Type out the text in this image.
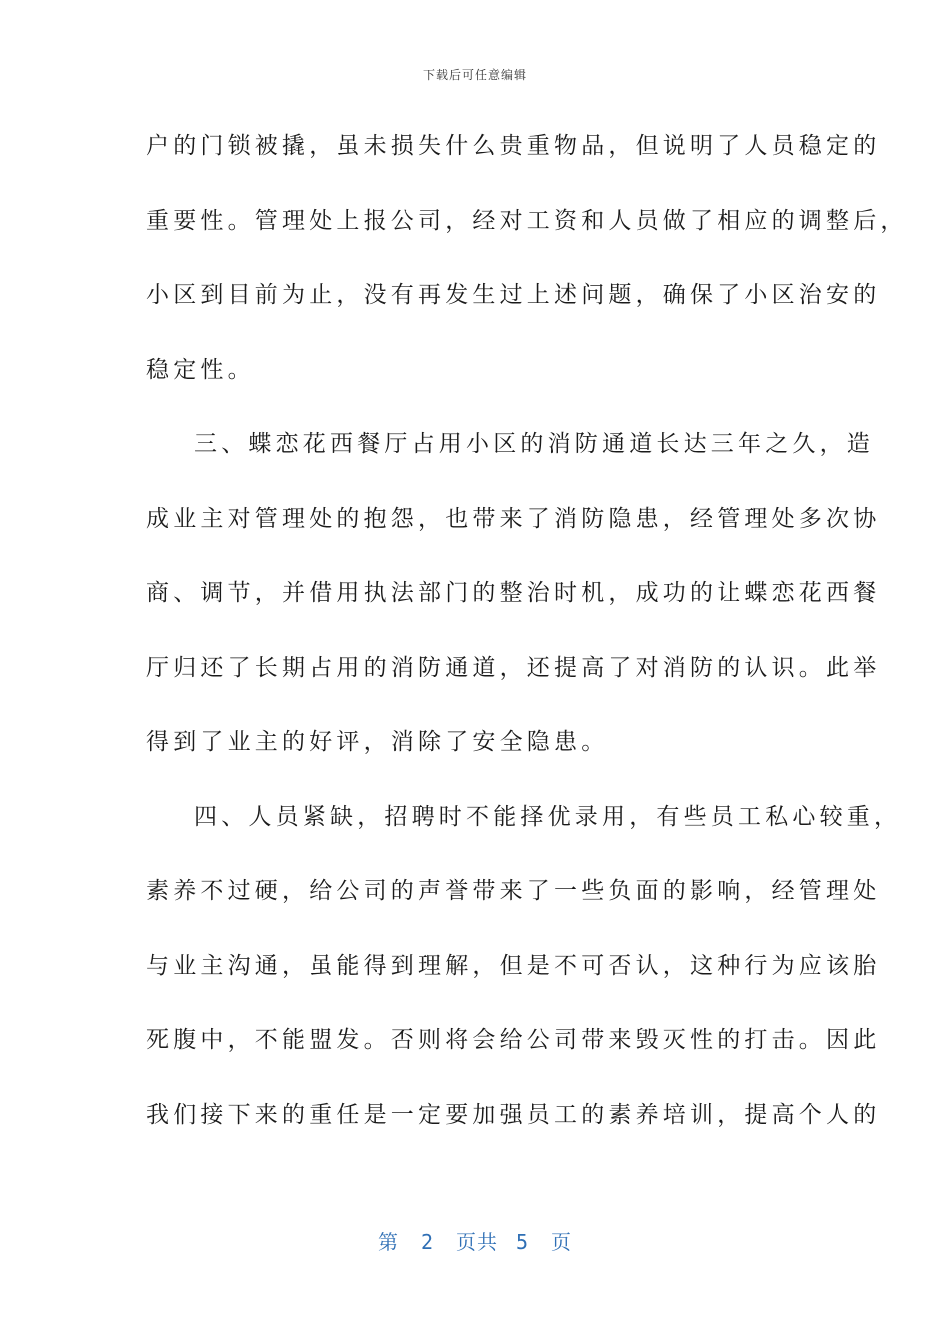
下载后可任意编辑
户的门锁被撬，虽未损失什么贵重物品，但说明了人员稳定的
重要性。管理处上报公司，经对工资和人员做了相应的调整后，
小区到目前为止，没有再发生过上述问题，确保了小区治安的
稳定性。
三、蝶恋花西餐厅占用小区的消防通道长达三年之久，造
成业主对管理处的抱怨，也带来了消防隐患，经管理处多次协
商、调节，并借用执法部门的整治时机，成功的让蝶恋花西餐
厅归还了长期占用的消防通道，还提高了对消防的认识。此举
得到了业主的好评，消除了安全隐患。
四、人员紧缺，招聘时不能择优录用，有些员工私心较重，
素养不过硬，给公司的声誉带来了一些负面的影响，经管理处
与业主沟通，虽能得到理解，但是不可否认，这种行为应该胎
死腹中，不能盟发。否则将会给公司带来毁灭性的打击。因此
我们接下来的重任是一定要加强员工的素养培训，提高个人的
第 2 页共 5 页
